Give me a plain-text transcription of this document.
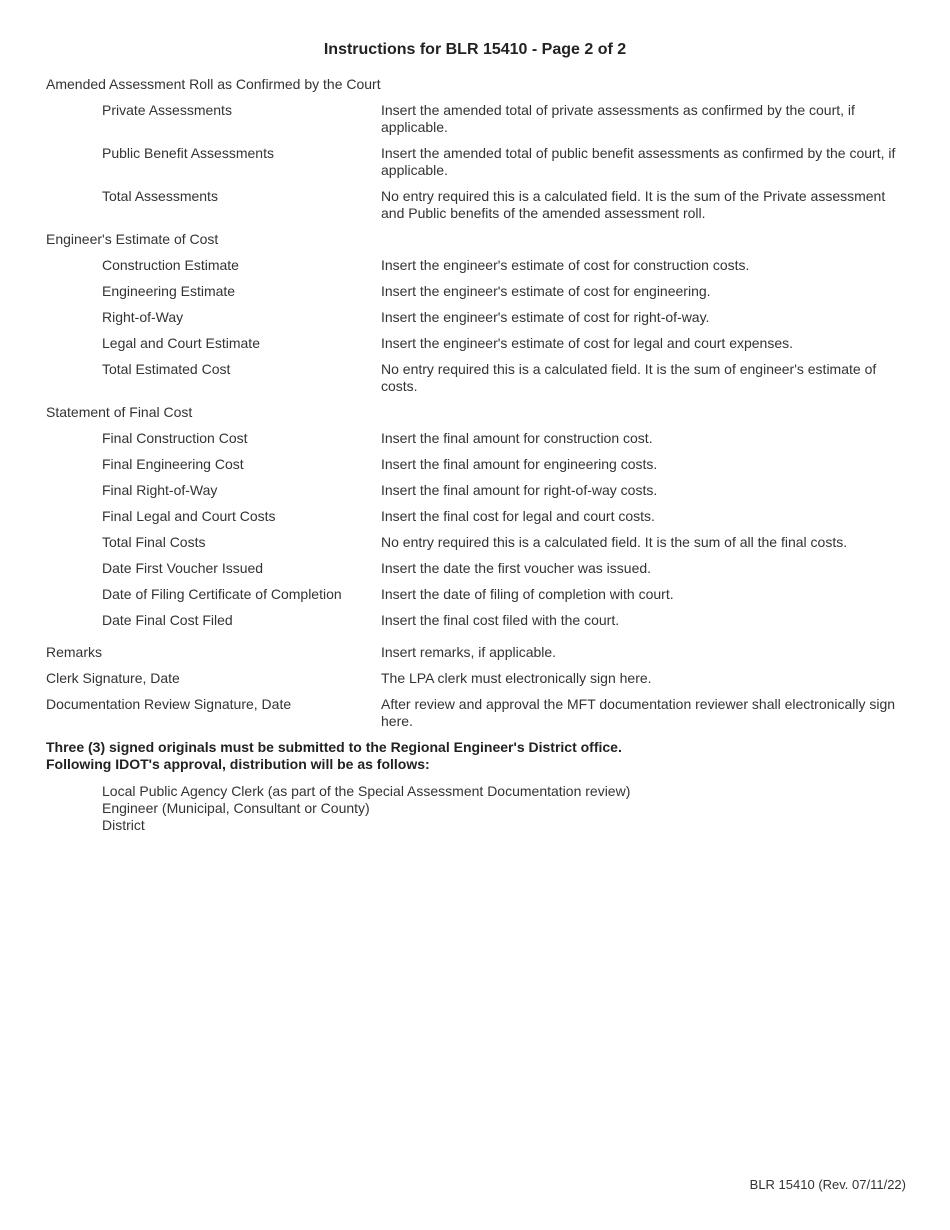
Instructions for BLR 15410 - Page 2 of 2
Amended Assessment Roll as Confirmed by the Court
Private Assessments	Insert the amended total of private assessments as confirmed by the court, if applicable.
Public Benefit Assessments	Insert the amended total of public benefit assessments as confirmed by the court, if applicable.
Total Assessments	No entry required this is a calculated field. It is the sum of the Private assessment and Public benefits of the amended assessment roll.
Engineer's Estimate of Cost
Construction Estimate	Insert the engineer's estimate of cost for construction costs.
Engineering Estimate	Insert the engineer's estimate of cost for engineering.
Right-of-Way	Insert the engineer's estimate of cost for right-of-way.
Legal and Court Estimate	Insert the engineer's estimate of cost for legal and court expenses.
Total Estimated Cost	No entry required this is a calculated field. It is the sum of engineer's estimate of costs.
Statement of Final Cost
Final Construction Cost	Insert the final amount for construction cost.
Final Engineering Cost	Insert the final amount for engineering costs.
Final Right-of-Way	Insert the final amount for right-of-way costs.
Final Legal and Court Costs	Insert the final cost for legal and court costs.
Total Final Costs	No entry required this is a calculated field. It is the sum of all the final costs.
Date First Voucher Issued	Insert the date the first voucher was issued.
Date of Filing Certificate of Completion	Insert the date of filing of completion with court.
Date Final Cost Filed	Insert the final cost filed with the court.
Remarks	Insert remarks, if applicable.
Clerk Signature, Date	The LPA clerk must electronically sign here.
Documentation Review Signature, Date	After review and approval the MFT documentation reviewer shall electronically sign here.
Three (3) signed originals must be submitted to the Regional Engineer's District office.
Following IDOT's approval, distribution will be as follows:
Local Public Agency Clerk (as part of the Special Assessment Documentation review)
Engineer (Municipal, Consultant or County)
District
BLR 15410 (Rev. 07/11/22)
